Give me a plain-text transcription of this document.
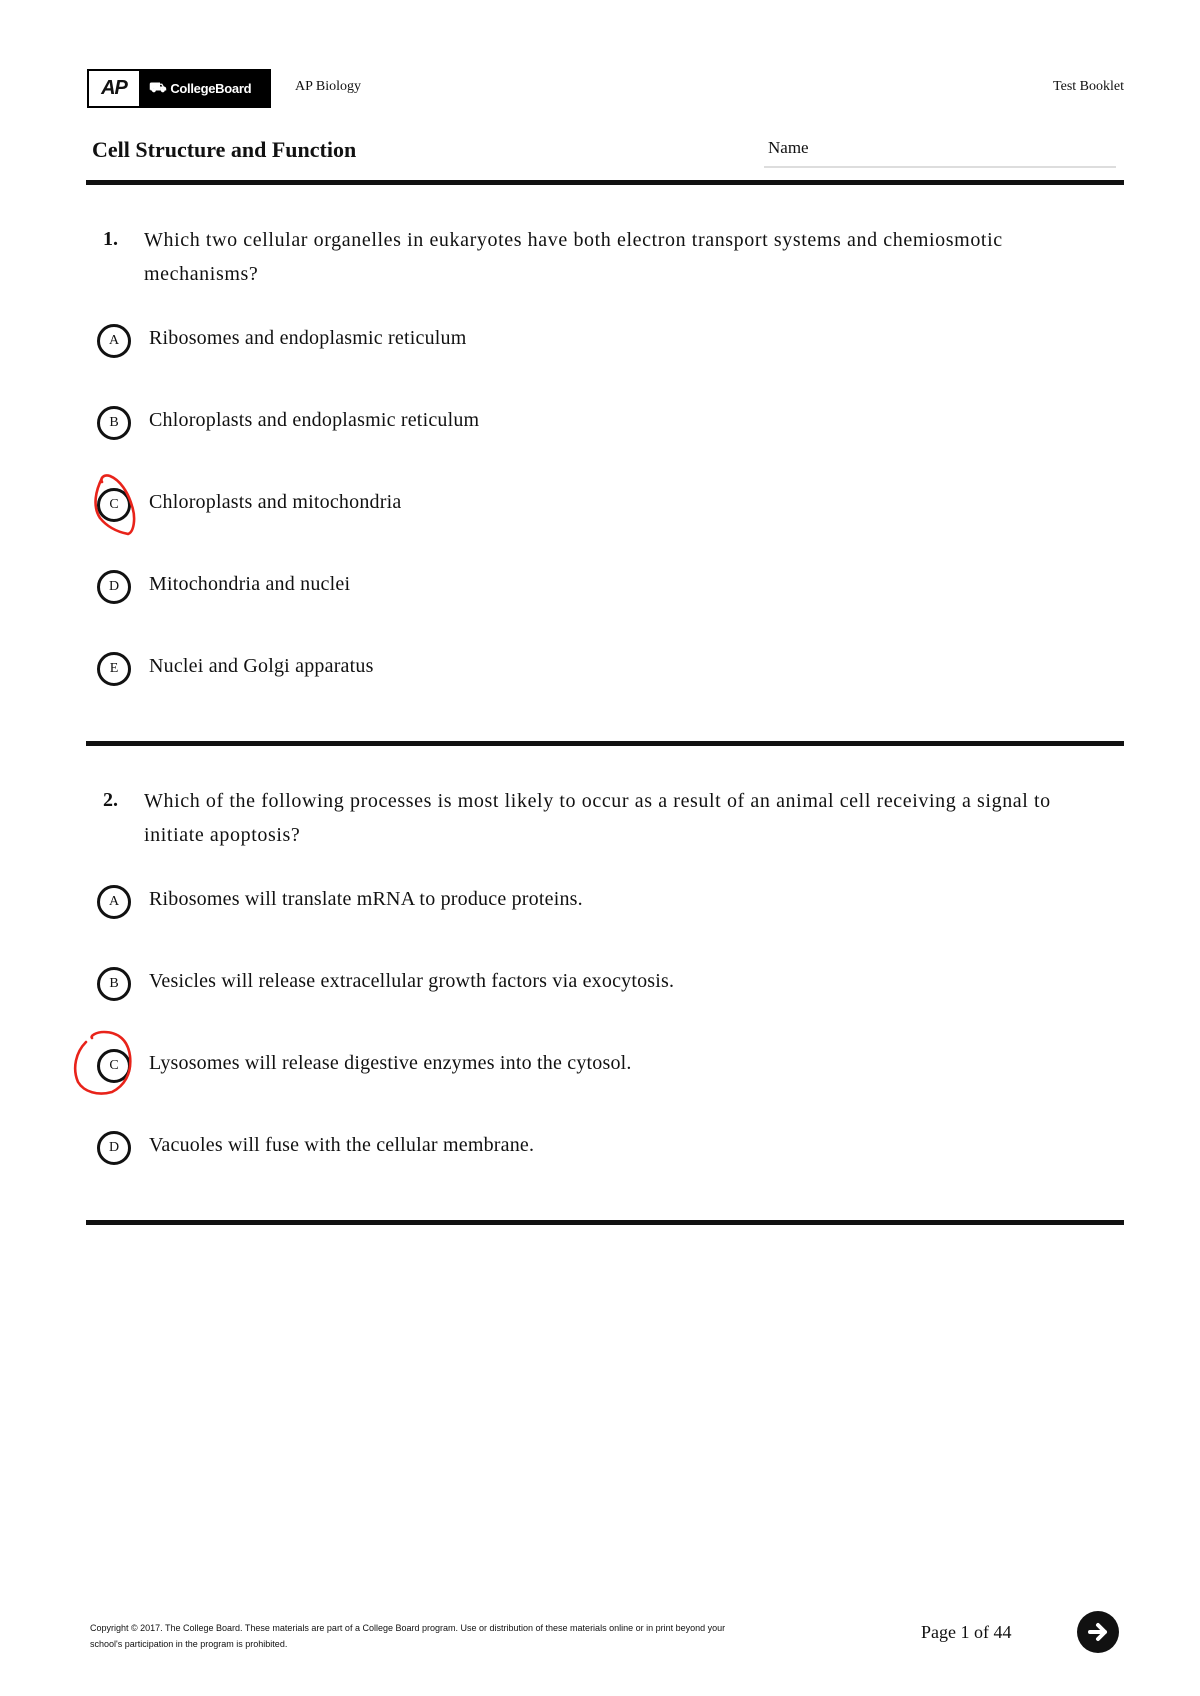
AP	⛟ CollegeBoard	AP Biology	Test Booklet
Cell Structure and Function	Name
1. Which two cellular organelles in eukaryotes have both electron transport systems and chemiosmotic
mechanisms?
A	Ribosomes and endoplasmic reticulum
B	Chloroplasts and endoplasmic reticulum
C	Chloroplasts and mitochondria
D	Mitochondria and nuclei
E	Nuclei and Golgi apparatus
2. Which of the following processes is most likely to occur as a result of an animal cell receiving a signal to
initiate apoptosis?
A	Ribosomes will translate mRNA to produce proteins.
B	Vesicles will release extracellular growth factors via exocytosis.
C	Lysosomes will release digestive enzymes into the cytosol.
D	Vacuoles will fuse with the cellular membrane.
Copyright © 2017. The College Board. These materials are part of a College Board program. Use or distribution of these materials online or in print beyond your
school's participation in the program is prohibited.
Page 1 of 44
